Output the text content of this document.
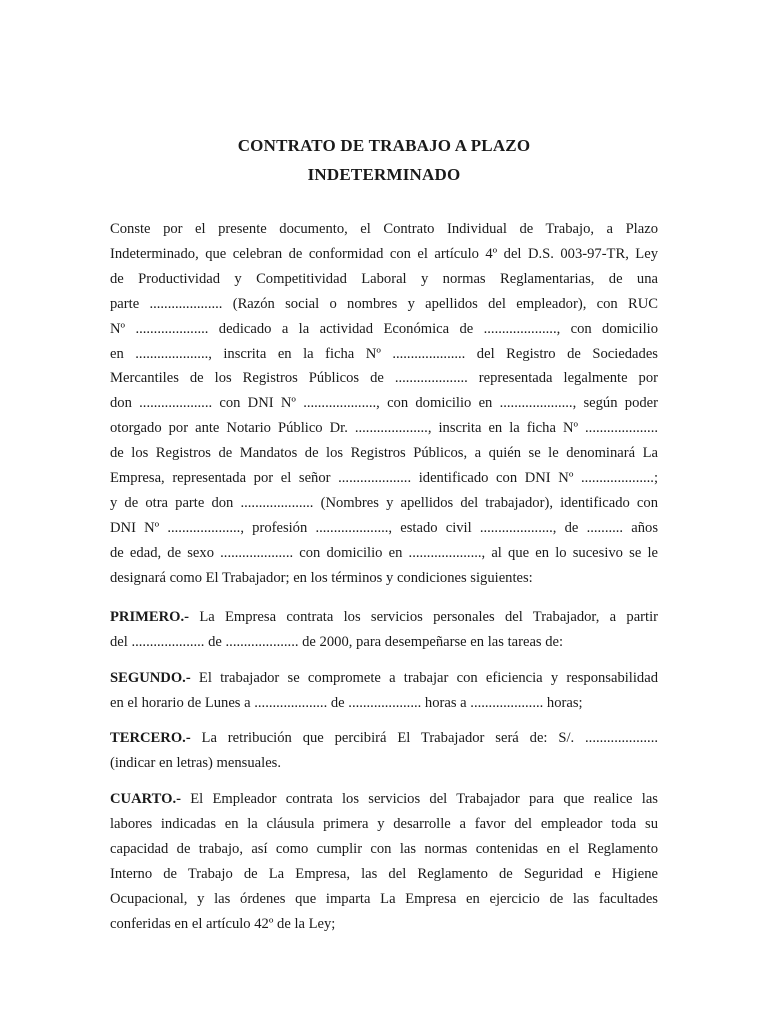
CONTRATO DE TRABAJO A PLAZO
INDETERMINADO
Conste por el presente documento, el Contrato Individual de Trabajo, a Plazo
Indeterminado, que celebran de conformidad con el artículo 4º del D.S. 003-97-TR, Ley
de Productividad y Competitividad Laboral y normas Reglamentarias, de una
parte .................... (Razón social o nombres y apellidos del empleador), con RUC
Nº .................... dedicado a la actividad Económica de ...................., con domicilio
en ...................., inscrita en la ficha Nº .................... del Registro de Sociedades
Mercantiles de los Registros Públicos de .................... representada legalmente por
don .................... con DNI Nº ...................., con domicilio en ...................., según poder
otorgado por ante Notario Público Dr. ...................., inscrita en la ficha Nº ....................
de los Registros de Mandatos de los Registros Públicos, a quién se le denominará La
Empresa, representada por el señor .................... identificado con DNI Nº ....................;
y de otra parte don .................... (Nombres y apellidos del trabajador), identificado con
DNI Nº ...................., profesión ...................., estado civil ...................., de .......... años
de edad, de sexo .................... con domicilio en ...................., al que en lo sucesivo se le
designará como El Trabajador; en los términos y condiciones siguientes:
PRIMERO.- La Empresa contrata los servicios personales del Trabajador, a partir
del .................... de .................... de 2000, para desempeñarse en las tareas de:
SEGUNDO.- El trabajador se compromete a trabajar con eficiencia y responsabilidad
en el horario de Lunes a .................... de .................... horas a .................... horas;
TERCERO.- La retribución que percibirá El Trabajador será de: S/. ....................
(indicar en letras) mensuales.
CUARTO.- El Empleador contrata los servicios del Trabajador para que realice las
labores indicadas en la cláusula primera y desarrolle a favor del empleador toda su
capacidad de trabajo, así como cumplir con las normas contenidas en el Reglamento
Interno de Trabajo de La Empresa, las del Reglamento de Seguridad e Higiene
Ocupacional, y las órdenes que imparta La Empresa en ejercicio de las facultades
conferidas en el artículo 42º de la Ley;
